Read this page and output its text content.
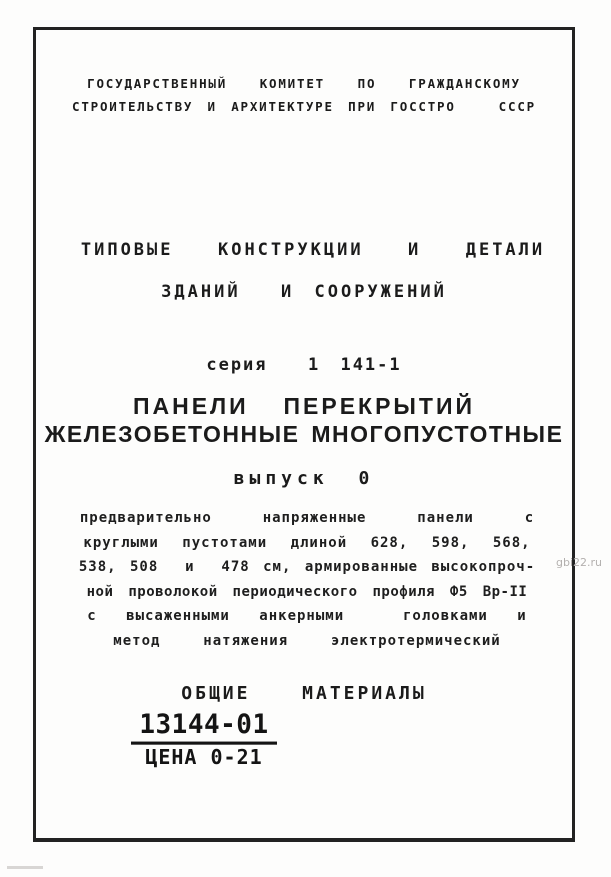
ГОСУДАРСТВЕННЫЙ  КОМИТЕТ  ПО  ГРАЖДАНСКОМУ
СТРОИТЕЛЬСТВУ И АРХИТЕКТУРЕ ПРИ ГОССТРО   СССР
ТИПОВЫЕ  КОНСТРУКЦИИ  И  ДЕТАЛИ
ЗДАНИЙ  И СООРУЖЕНИЙ
серия  1 141-1
ПАНЕЛИ  ПЕРЕКРЫТИЙ
ЖЕЛЕЗОБЕТОННЫЕ МНОГОПУСТОТНЫЕ
выпуск 0
предварительно  напряженные  панели  с
круглыми пустотами длиной 628, 598, 568,
538, 508  и  478 см, армированные высокопроч-
ной проволокой периодического профиля Ф5 Вр-II
с высаженными анкерными  головками и
метод  натяжения  электротермический
ОБЩИЕ  МАТЕРИАЛЫ
13144-01
ЦЕНА 0-21
gbi22.ru
